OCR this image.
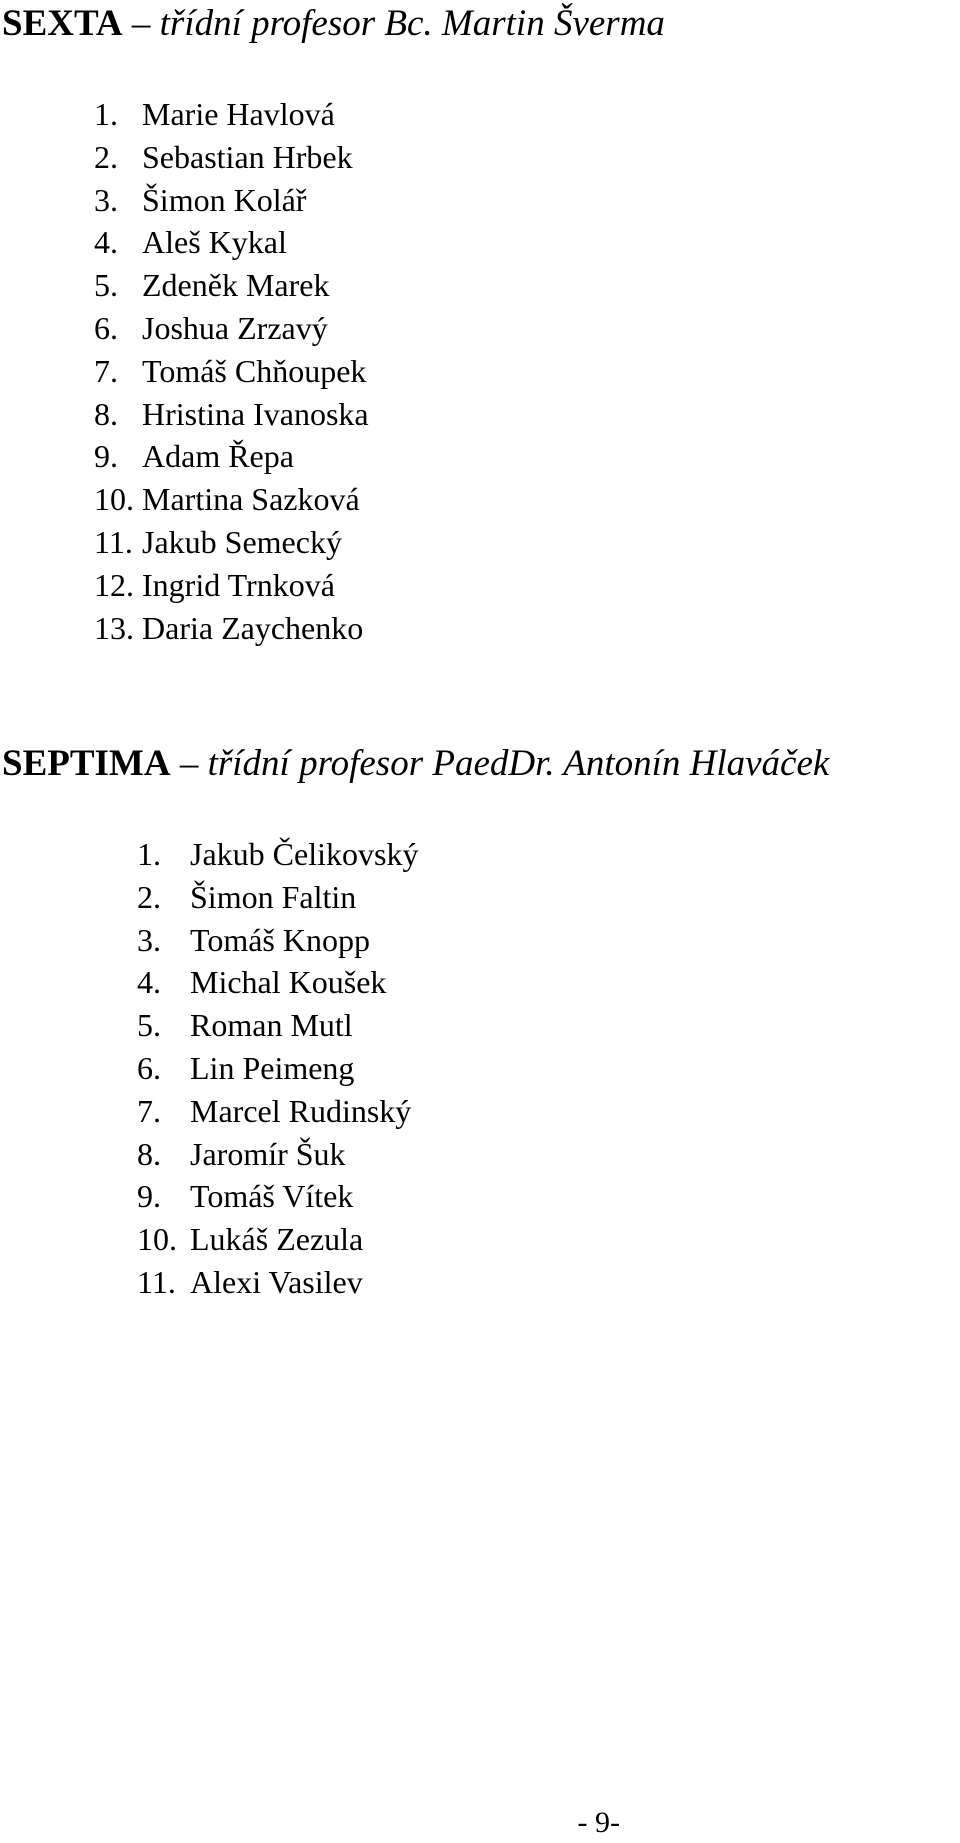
SEXTA – třídní profesor Bc. Martin Šverma
1. Marie Havlová
2. Sebastian Hrbek
3. Šimon Kolář
4. Aleš Kykal
5. Zdeněk Marek
6. Joshua Zrzavý
7. Tomáš Chňoupek
8. Hristina Ivanoska
9. Adam Řepa
10. Martina Sazková
11. Jakub Semecký
12. Ingrid Trnková
13. Daria Zaychenko
SEPTIMA – třídní profesor PaedDr. Antonín Hlaváček
1. Jakub Čelikovský
2. Šimon Faltin
3. Tomáš Knopp
4. Michal Koušek
5. Roman Mutl
6. Lin Peimeng
7. Marcel Rudinský
8. Jaromír Šuk
9. Tomáš Vítek
10. Lukáš Zezula
11. Alexi Vasilev
- 9-
